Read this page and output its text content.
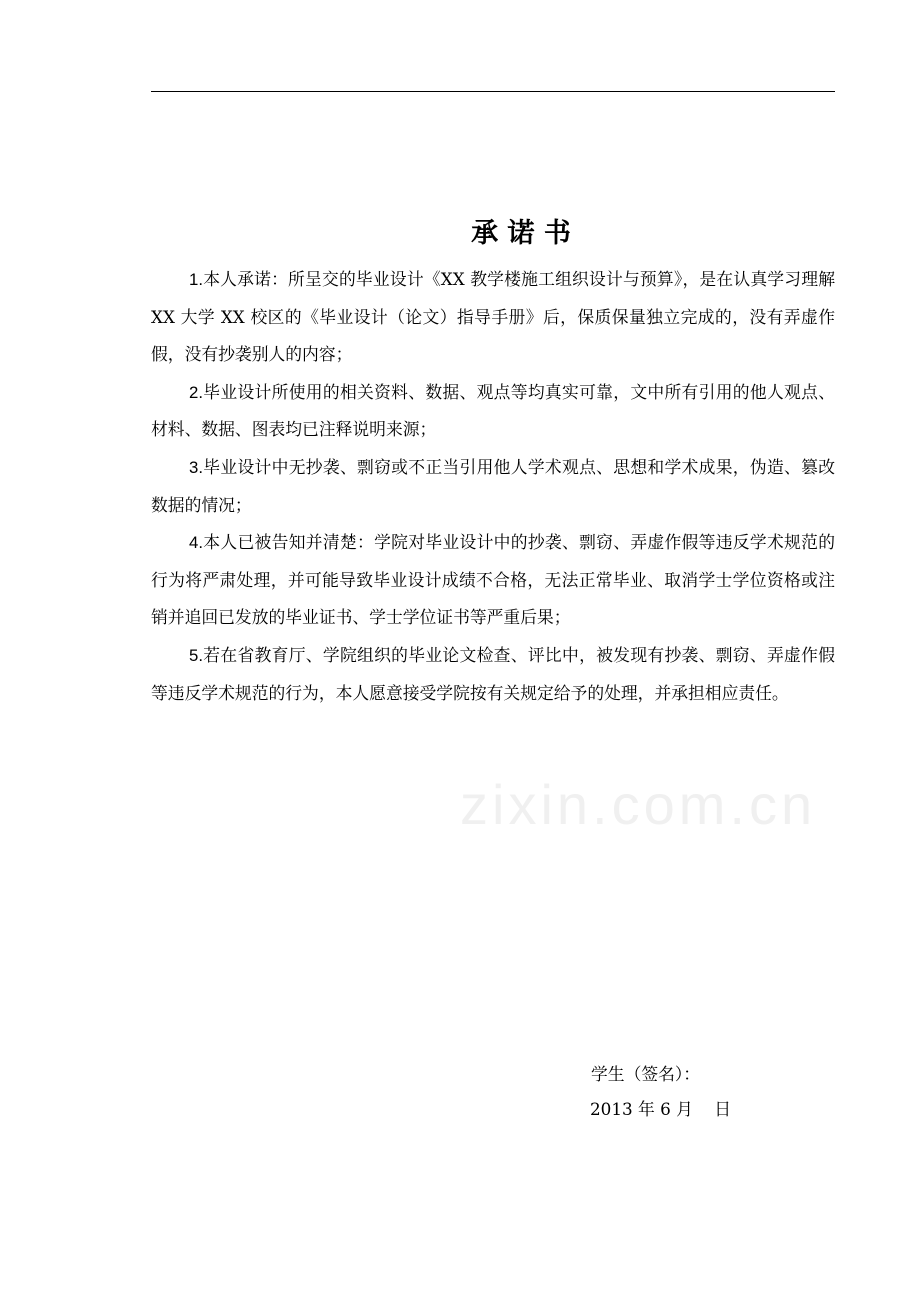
承 诺 书

1.本人承诺：所呈交的毕业设计《XX 教学楼施工组织设计与预算》，是在认真学习理解 XX 大学 XX 校区的《毕业设计（论文）指导手册》后，保质保量独立完成的，没有弄虚作假，没有抄袭别人的内容；

2.毕业设计所使用的相关资料、数据、观点等均真实可靠，文中所有引用的他人观点、材料、数据、图表均已注释说明来源；

3.毕业设计中无抄袭、剽窃或不正当引用他人学术观点、思想和学术成果，伪造、篡改数据的情况；

4.本人已被告知并清楚：学院对毕业设计中的抄袭、剽窃、弄虚作假等违反学术规范的行为将严肃处理，并可能导致毕业设计成绩不合格，无法正常毕业、取消学士学位资格或注销并追回已发放的毕业证书、学士学位证书等严重后果；

5.若在省教育厅、学院组织的毕业论文检查、评比中，被发现有抄袭、剽窃、弄虚作假等违反学术规范的行为，本人愿意接受学院按有关规定给予的处理，并承担相应责任。

zixin.com.cn
学生（签名）：
2013 年 6 月    日
